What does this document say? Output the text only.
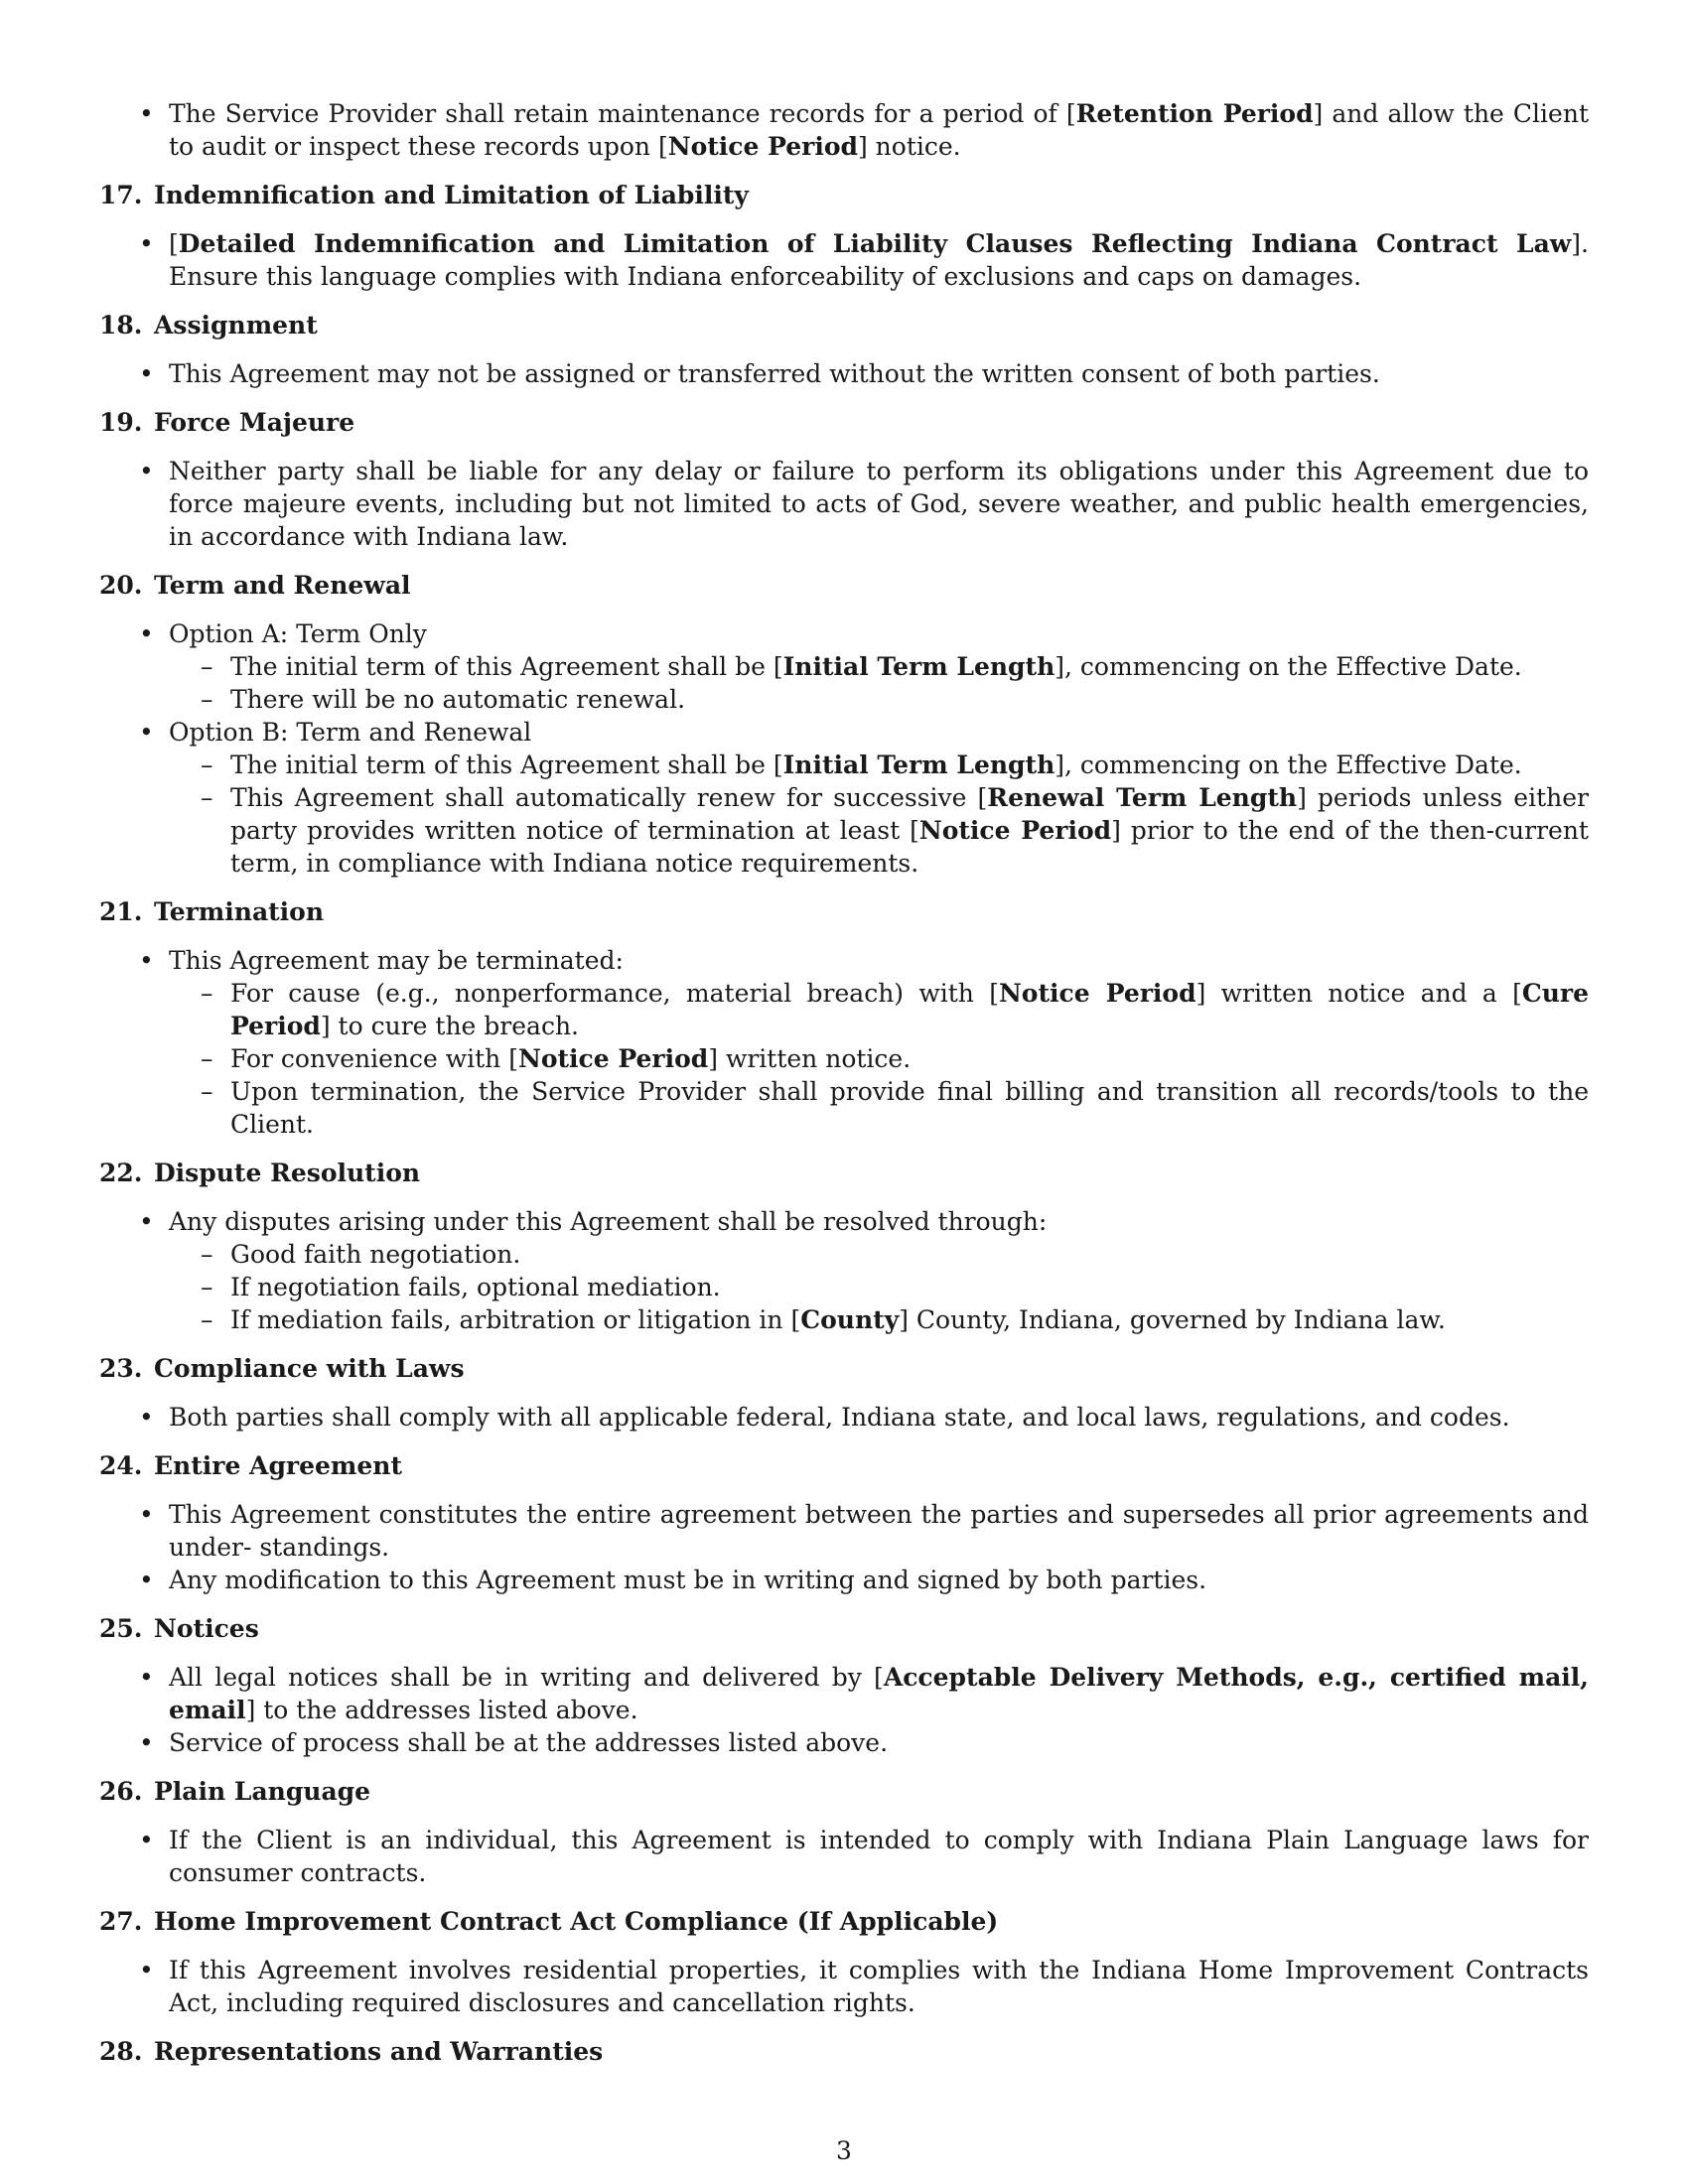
• The Service Provider shall retain maintenance records for a period of [Retention Period] and allow the Client to audit or inspect these records upon [Notice Period] notice.
17. Indemnification and Limitation of Liability
• [Detailed Indemnification and Limitation of Liability Clauses Reflecting Indiana Contract Law]. Ensure this language complies with Indiana enforceability of exclusions and caps on damages.
18. Assignment
• This Agreement may not be assigned or transferred without the written consent of both parties.
19. Force Majeure
• Neither party shall be liable for any delay or failure to perform its obligations under this Agreement due to force majeure events, including but not limited to acts of God, severe weather, and public health emergencies, in accordance with Indiana law.
20. Term and Renewal
• Option A: Term Only
– The initial term of this Agreement shall be [Initial Term Length], commencing on the Effective Date.
– There will be no automatic renewal.
• Option B: Term and Renewal
– The initial term of this Agreement shall be [Initial Term Length], commencing on the Effective Date.
– This Agreement shall automatically renew for successive [Renewal Term Length] periods unless either party provides written notice of termination at least [Notice Period] prior to the end of the then-current term, in compliance with Indiana notice requirements.
21. Termination
• This Agreement may be terminated:
– For cause (e.g., nonperformance, material breach) with [Notice Period] written notice and a [Cure Period] to cure the breach.
– For convenience with [Notice Period] written notice.
– Upon termination, the Service Provider shall provide final billing and transition all records/tools to the Client.
22. Dispute Resolution
• Any disputes arising under this Agreement shall be resolved through:
– Good faith negotiation.
– If negotiation fails, optional mediation.
– If mediation fails, arbitration or litigation in [County] County, Indiana, governed by Indiana law.
23. Compliance with Laws
• Both parties shall comply with all applicable federal, Indiana state, and local laws, regulations, and codes.
24. Entire Agreement
• This Agreement constitutes the entire agreement between the parties and supersedes all prior agreements and under- standings.
• Any modification to this Agreement must be in writing and signed by both parties.
25. Notices
• All legal notices shall be in writing and delivered by [Acceptable Delivery Methods, e.g., certified mail, email] to the addresses listed above.
• Service of process shall be at the addresses listed above.
26. Plain Language
• If the Client is an individual, this Agreement is intended to comply with Indiana Plain Language laws for consumer contracts.
27. Home Improvement Contract Act Compliance (If Applicable)
• If this Agreement involves residential properties, it complies with the Indiana Home Improvement Contracts Act, including required disclosures and cancellation rights.
28. Representations and Warranties
3
